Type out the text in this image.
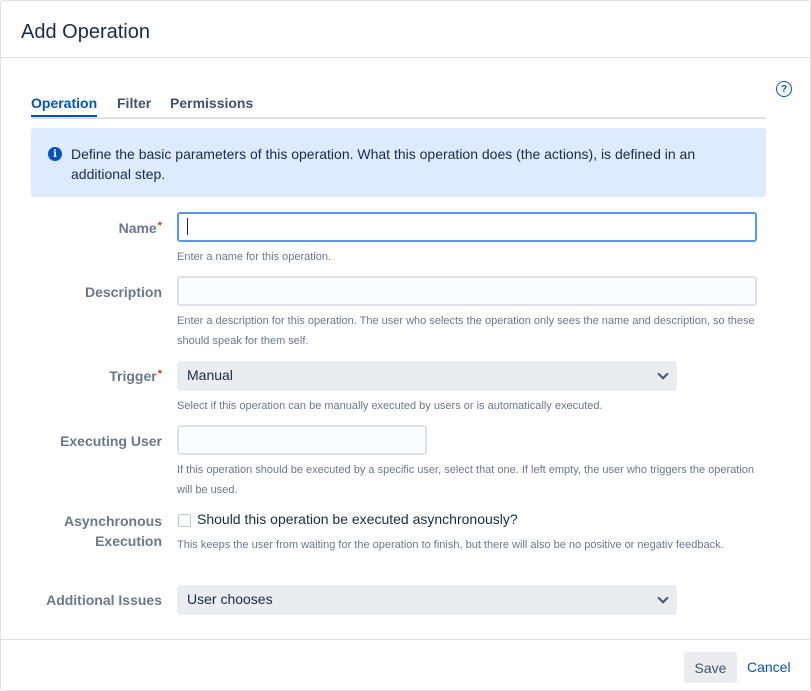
Add Operation
?
Operation Filter Permissions
i	Define the basic parameters of this operation. What this operation does (the actions), is defined in an additional step.
Name*
Enter a name for this operation.
Description
Enter a description for this operation. The user who selects the operation only sees the name and description, so these should speak for them self.
Trigger*	Manual
Select if this operation can be manually executed by users or is automatically executed.
Executing User
If this operation should be executed by a specific user, select that one. If left empty, the user who triggers the operation will be used.
Asynchronous Execution
Should this operation be executed asynchronously?
This keeps the user from waiting for the operation to finish, but there will also be no positive or negativ feedback.
Additional Issues	User chooses
Save	Cancel
